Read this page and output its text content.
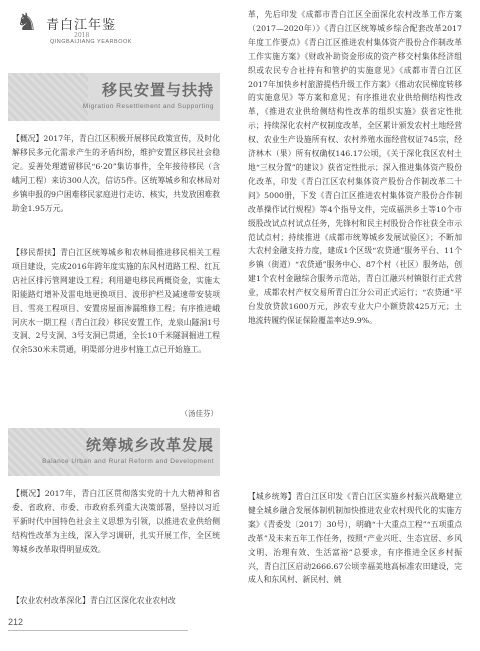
♞ 青白江年鉴
2018
QINGBAIJIANG YEARBOOK
移民安置与扶持
Migration Resettlement and Supporting

【概况】2017年，青白江区积极开展移民政策宣传，及时化解移民多元化需求产生的矛盾纠纷，维护安置区移民社会稳定。妥善处理遗留移民“6·20”集访事件，全年接待移民（含峨河工程）来访300人次，信访5件。区统筹城乡和农林局对乡镇申报的9户困难移民家庭进行走访、核实，共发放困难救助金1.95万元。

【移民帮扶】青白江区统筹城乡和农林局推进移民相关工程项目建设，完成2016年跨年度实施的东风村道路工程、红瓦店社区排污管网建设工程；利用避电移民两概资金，实施太阳能路灯增补及雷电地更换项目、波形护栏及减速带安装项目、雪亮工程项目、安置房屋面渗漏维修工程；有序推进峨河庆水一期工程（青白江段）移民安置工作，龙泉山隧洞1号支洞、2号支洞、3号支洞已贯通，全长10千米隧洞掘进工程仅余530米未贯通，明渠部分进步村施工点已开始施工。

（汤佳芬）
统筹城乡改革发展
Balance Urban and Rural Reform and Development

【概况】2017年，青白江区贯彻落实党的十九大精神和省委、省政府、市委、市政府系列重大决策部署，坚持以习近平新时代中国特色社会主义思想为引领，以推进农业供给侧结构性改革为主线，深入学习调研，扎实开展工作，全区统筹城乡改革取得明显成效。

【农业农村改革深化】青白江区深化农业农村改

革，先后印发《成都市青白江区全面深化农村改革工作方案（2017—2020年）》《青白江区统筹城乡综合配套改革2017年度工作要点》《青白江区推进农村集体资产股份合作制改革工作实施方案》《财政补助资金形成的资产移交村集体经济组织或农民专合社持有和管护的实施意见》《成都市青白江区2017年加快乡村旅游提档升级工作方案》《推动农民梯度转移的实施意见》等方案和意见；有序推进农业供给侧结构性改革，《推进农业供给侧结构性改革的组织实施》获省定性批示；持续深化农村产权制度改革，全区累计颁发农村土地经营权、农业生产设施所有权、农村养殖水面经营权证745宗，经济林木（果）所有权确权146.17公顷，《关于深化我区农村土地“三权分置”的建议》获省定性批示；深入推进集体资产股份化改革，印发《青白江区农村集体资产股份合作制改革二十问》5000册，下发《青白江区推进农村集体资产股份合作制改革操作试行规程》等4个指导文件，完成福洪乡土等10个市级股改试点村试点任务，先锋村和民主村股份合作社获全市示范试点村；持续推进《成都市统筹城乡发展试验区》；不断加大农村金融支持力度，建成1个区级“农贷通”服务平台、11个乡镇（街道）“农贷通”服务中心、87个村（社区）服务站，创建1个农村金融综合服务示范站，青白江融兴村镇银行正式营业，成都农村产权交易所青白江分公司正式运行；“农贷通”平台发放贷款1600万元，涉农专业大户小额贷款425万元；土地流转履约保证保险覆盖率达9.9%。

【城乡统筹】青白江区印发《青白江区实施乡村振兴战略建立健全城乡融合发展体制机制加快推进农业农村现代化的实施方案》《青委发〔2017〕30号），明确“十大重点工程”“五项重点改革”及未来五年工作任务，按照“产业兴旺、生态宜居、乡风文明、治理有效、生活富裕”总要求，有序推进全区乡村振兴，青白江区启动2666.67公顷幸福美地高标准农田建设，完成人和东风村、新民村、姚

212
